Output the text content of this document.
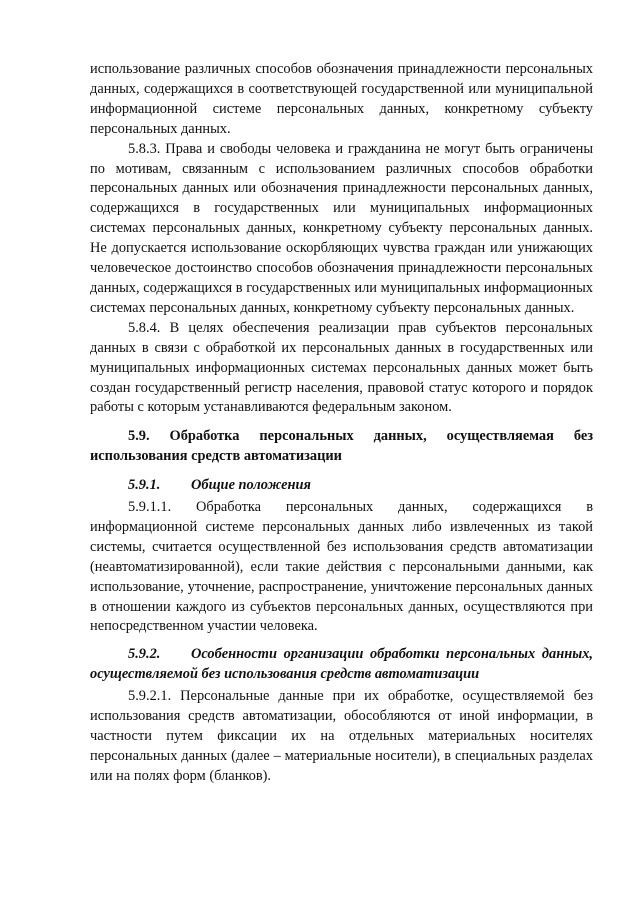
использование различных способов обозначения принадлежности персональных данных, содержащихся в соответствующей государственной или муниципальной информационной системе персональных данных, конкретному субъекту персональных данных.

5.8.3. Права и свободы человека и гражданина не могут быть ограничены по мотивам, связанным с использованием различных способов обработки персональных данных или обозначения принадлежности персональных данных, содержащихся в государственных или муниципальных информационных системах персональных данных, конкретному субъекту персональных данных. Не допускается использование оскорбляющих чувства граждан или унижающих человеческое достоинство способов обозначения принадлежности персональных данных, содержащихся в государственных или муниципальных информационных системах персональных данных, конкретному субъекту персональных данных.

5.8.4. В целях обеспечения реализации прав субъектов персональных данных в связи с обработкой их персональных данных в государственных или муниципальных информационных системах персональных данных может быть создан государственный регистр населения, правовой статус которого и порядок работы с которым устанавливаются федеральным законом.

5.9. Обработка персональных данных, осуществляемая без использования средств автоматизации

5.9.1. Общие положения

5.9.1.1. Обработка персональных данных, содержащихся в информационной системе персональных данных либо извлеченных из такой системы, считается осуществленной без использования средств автоматизации (неавтоматизированной), если такие действия с персональными данными, как использование, уточнение, распространение, уничтожение персональных данных в отношении каждого из субъектов персональных данных, осуществляются при непосредственном участии человека.

5.9.2. Особенности организации обработки персональных данных, осуществляемой без использования средств автоматизации

5.9.2.1. Персональные данные при их обработке, осуществляемой без использования средств автоматизации, обособляются от иной информации, в частности путем фиксации их на отдельных материальных носителях персональных данных (далее – материальные носители), в специальных разделах или на полях форм (бланков).
